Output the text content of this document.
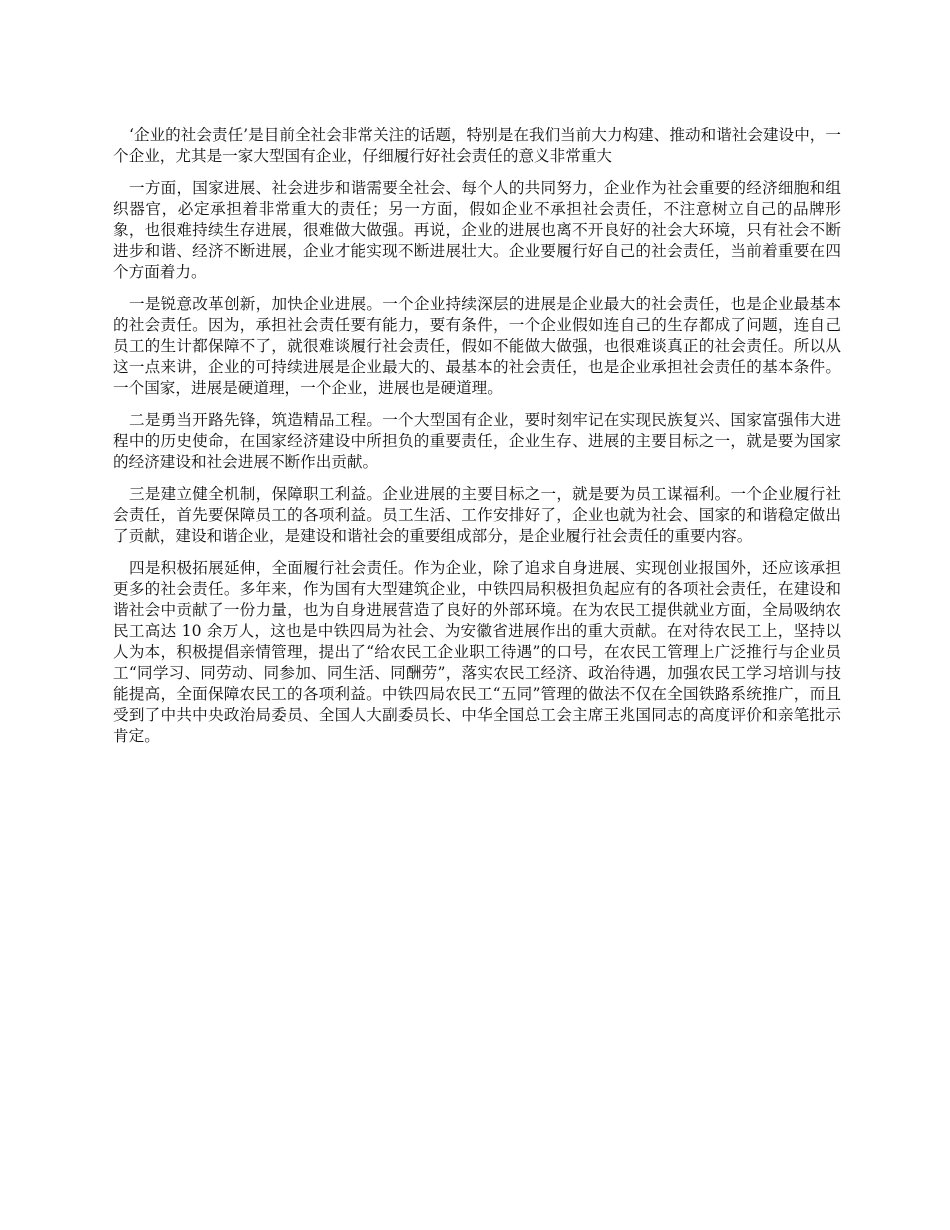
‘企业的社会责任’是目前全社会非常关注的话题，特别是在我们当前大力构建、推动和谐社会建设中，一个企业，尤其是一家大型国有企业，仔细履行好社会责任的意义非常重大

一方面，国家进展、社会进步和谐需要全社会、每个人的共同努力，企业作为社会重要的经济细胞和组织器官，必定承担着非常重大的责任；另一方面，假如企业不承担社会责任，不注意树立自己的品牌形象，也很难持续生存进展，很难做大做强。再说，企业的进展也离不开良好的社会大环境，只有社会不断进步和谐、经济不断进展，企业才能实现不断进展壮大。企业要履行好自己的社会责任，当前着重要在四个方面着力。

一是锐意改革创新，加快企业进展。一个企业持续深层的进展是企业最大的社会责任，也是企业最基本的社会责任。因为，承担社会责任要有能力，要有条件，一个企业假如连自己的生存都成了问题，连自己员工的生计都保障不了，就很难谈履行社会责任，假如不能做大做强，也很难谈真正的社会责任。所以从这一点来讲，企业的可持续进展是企业最大的、最基本的社会责任，也是企业承担社会责任的基本条件。一个国家，进展是硬道理，一个企业，进展也是硬道理。

二是勇当开路先锋，筑造精品工程。一个大型国有企业，要时刻牢记在实现民族复兴、国家富强伟大进程中的历史使命，在国家经济建设中所担负的重要责任，企业生存、进展的主要目标之一，就是要为国家的经济建设和社会进展不断作出贡献。

三是建立健全机制，保障职工利益。企业进展的主要目标之一，就是要为员工谋福利。一个企业履行社会责任，首先要保障员工的各项利益。员工生活、工作安排好了，企业也就为社会、国家的和谐稳定做出了贡献，建设和谐企业，是建设和谐社会的重要组成部分，是企业履行社会责任的重要内容。

四是积极拓展延伸，全面履行社会责任。作为企业，除了追求自身进展、实现创业报国外，还应该承担更多的社会责任。多年来，作为国有大型建筑企业，中铁四局积极担负起应有的各项社会责任，在建设和谐社会中贡献了一份力量，也为自身进展营造了良好的外部环境。在为农民工提供就业方面，全局吸纳农民工高达 10 余万人，这也是中铁四局为社会、为安徽省进展作出的重大贡献。在对待农民工上，坚持以人为本，积极提倡亲情管理，提出了“给农民工企业职工待遇”的口号，在农民工管理上广泛推行与企业员工“同学习、同劳动、同参加、同生活、同酬劳”，落实农民工经济、政治待遇，加强农民工学习培训与技能提高，全面保障农民工的各项利益。中铁四局农民工“五同”管理的做法不仅在全国铁路系统推广，而且受到了中共中央政治局委员、全国人大副委员长、中华全国总工会主席王兆国同志的高度评价和亲笔批示肯定。
